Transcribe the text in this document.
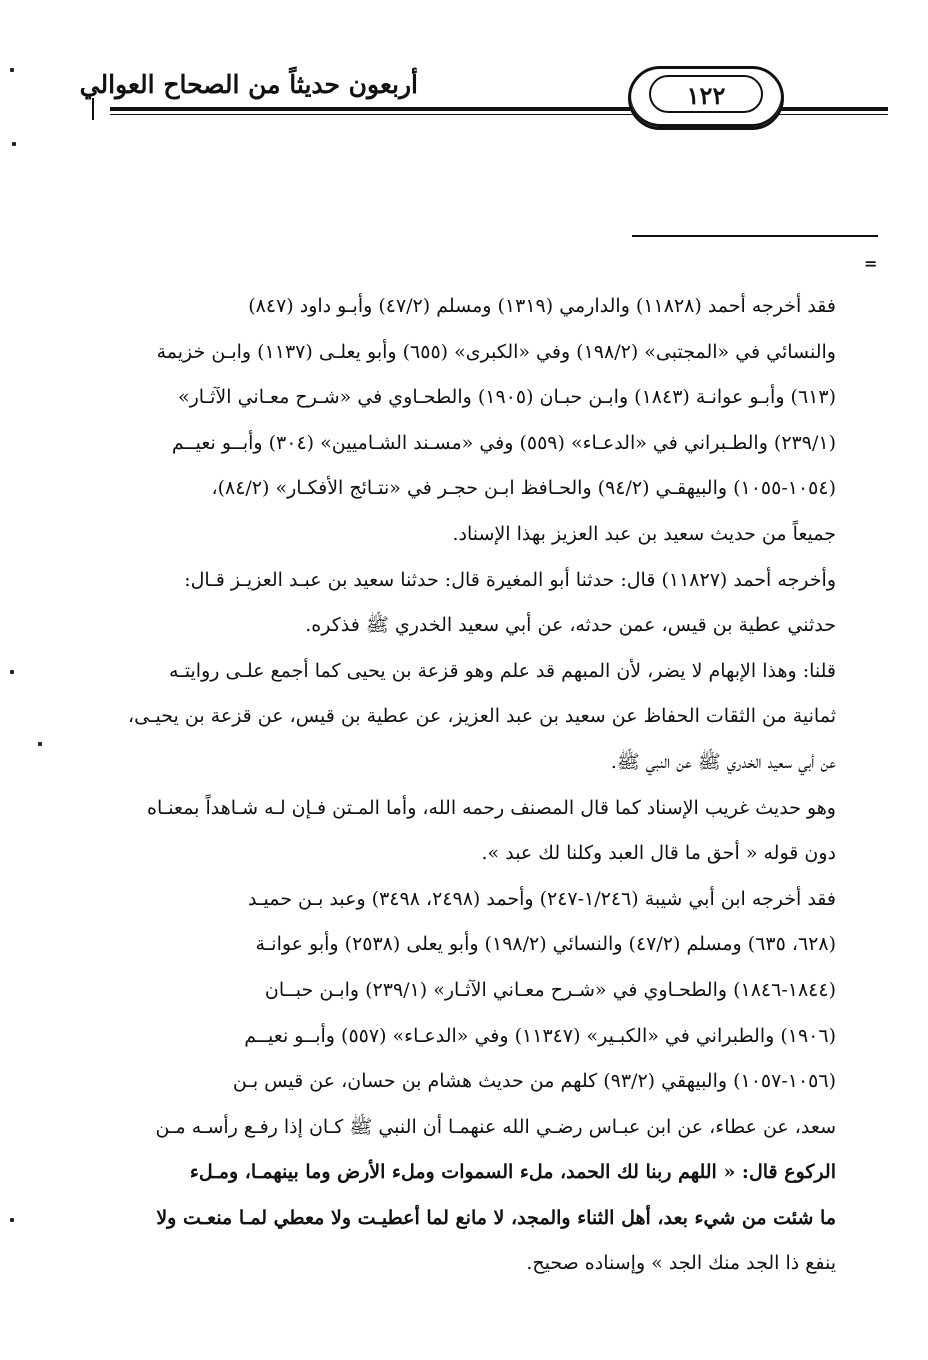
أربعون حديثاً من الصحاح العوالي	١٢٢
=
فقد أخرجه أحمد (١١٨٢٨) والدارمي (١٣١٩) ومسلم (٤٧/٢) وأبـو داود (٨٤٧)
والنسائي في «المجتبى» (١٩٨/٢) وفي «الكبرى» (٦٥٥) وأبو يعلـى (١١٣٧) وابـن خزيمة
(٦١٣) وأبـو عوانـة (١٨٤٣) وابـن حبـان (١٩٠٥) والطحـاوي في «شـرح معـاني الآثـار»
(٢٣٩/١) والطـبراني في «الدعـاء» (٥٥٩) وفي «مسـند الشـاميين» (٣٠٤) وأبــو نعيــم
(١٠٥٤-١٠٥٥) والبيهقـي (٩٤/٢) والحـافظ ابـن حجـر في «نتـائج الأفكـار» (٨٤/٢)،
جميعاً من حديث سعيد بن عبد العزيز بهذا الإسناد.
وأخرجه أحمد (١١٨٢٧) قال: حدثنا أبو المغيرة قال: حدثنا سعيد بن عبـد العزيـز قـال:
حدثني عطية بن قيس، عمن حدثه، عن أبي سعيد الخدري ﷺ فذكره.
قلنا: وهذا الإبهام لا يضر، لأن المبهم قد علم وهو قزعة بن يحيى كما أجمع علـى روايتـه
ثمانية من الثقات الحفاظ عن سعيد بن عبد العزيز، عن عطية بن قيس، عن قزعة بن يحيـى،
عن أبي سعيد الخدري ﷺ عن النبي ﷺ.
وهو حديث غريب الإسناد كما قال المصنف رحمه الله، وأما المـتن فـإن لـه شـاهداً بمعنـاه
دون قوله « أحق ما قال العبد وكلنا لك عبد ».
فقد أخرجه ابن أبي شيبة (١/٢٤٦-٢٤٧) وأحمد (٢٤٩٨، ٣٤٩٨) وعبد بـن حميـد
(٦٢٨، ٦٣٥) ومسلم (٤٧/٢) والنسائي (١٩٨/٢) وأبو يعلى (٢٥٣٨) وأبو عوانـة
(١٨٤٤-١٨٤٦) والطحـاوي في «شـرح معـاني الآثـار» (٢٣٩/١) وابـن حبــان
(١٩٠٦) والطبراني في «الكبـير» (١١٣٤٧) وفي «الدعـاء» (٥٥٧) وأبــو نعيــم
(١٠٥٦-١٠٥٧) والبيهقي (٩٣/٢) كلهم من حديث هشام بن حسان، عن قيس بـن
سعد، عن عطاء، عن ابن عبـاس رضـي الله عنهمـا أن النبي ﷺ كـان إذا رفـع رأسـه مـن
الركوع قال: « اللهم ربنا لك الحمد، ملء السموات وملء الأرض وما بينهمـا، ومـلء
ما شئت من شيء بعد، أهل الثناء والمجد، لا مانع لما أعطيـت ولا معطي لمـا منعـت ولا
ينفع ذا الجد منك الجد » وإسناده صحيح.
